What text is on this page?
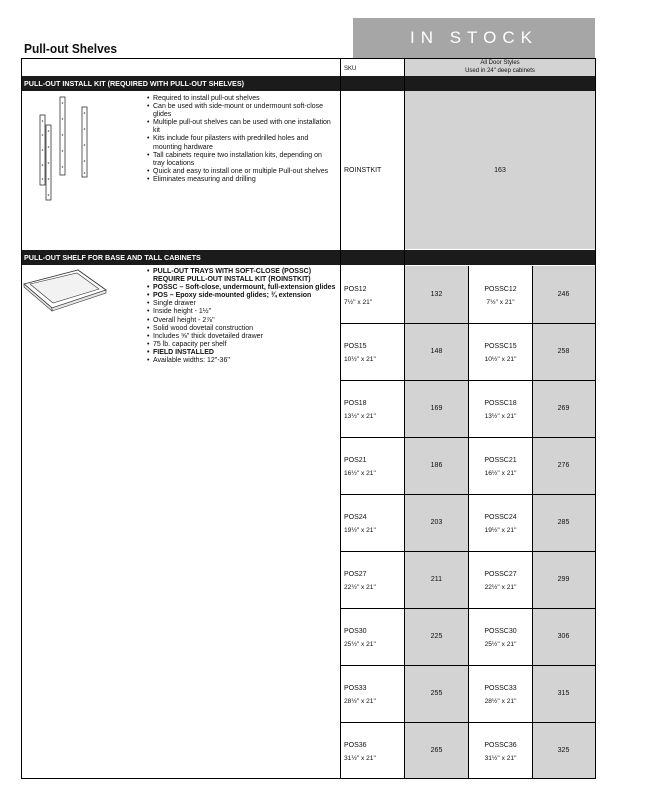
Pull-out Shelves
IN STOCK
SKU
All Door Styles
Used in 24" deep cabinets
PULL-OUT INSTALL KIT (REQUIRED WITH PULL-OUT SHELVES)
• Required to install pull-out shelves
• Can be used with side-mount or undermount soft-close glides
• Multiple pull-out shelves can be used with one installation kit
• Kits include four pilasters with predrilled holes and mounting hardware
• Tall cabinets require two installation kits, depending on tray locations
• Quick and easy to install one or multiple Pull-out shelves
• Eliminates measuring and drilling
ROINSTKIT	163
PULL-OUT SHELF FOR BASE AND TALL CABINETS
• PULL-OUT TRAYS WITH SOFT-CLOSE (POSSC) REQUIRE PULL-OUT INSTALL KIT (ROINSTKIT)
• POSSC – Soft-close, undermount, full-extension glides
• POS – Epoxy side-mounted glides; ¾ extension
• Single drawer
• Inside height - 1½"
• Overall height - 2⅞"
• Solid wood dovetail construction
• Includes ⅝" thick dovetailed drawer
• 75 lb. capacity per shelf
• FIELD INSTALLED
• Available widths: 12"-36"
POS12
7½" x 21"
132
POSSC12
7½" x 21"
246
POS15
10½" x 21"
148
POSSC15
10½" x 21"
258
POS18
13½" x 21"
169
POSSC18
13½" x 21"
269
POS21
16½" x 21"
186
POSSC21
16½" x 21"
276
POS24
19½" x 21"
203
POSSC24
19½" x 21"
285
POS27
22½" x 21"
211
POSSC27
22½" x 21"
299
POS30
25½" x 21"
225
POSSC30
25½" x 21"
306
POS33
28½" x 21"
255
POSSC33
28½" x 21"
315
POS36
31½" x 21"
265
POSSC36
31½" x 21"
325
